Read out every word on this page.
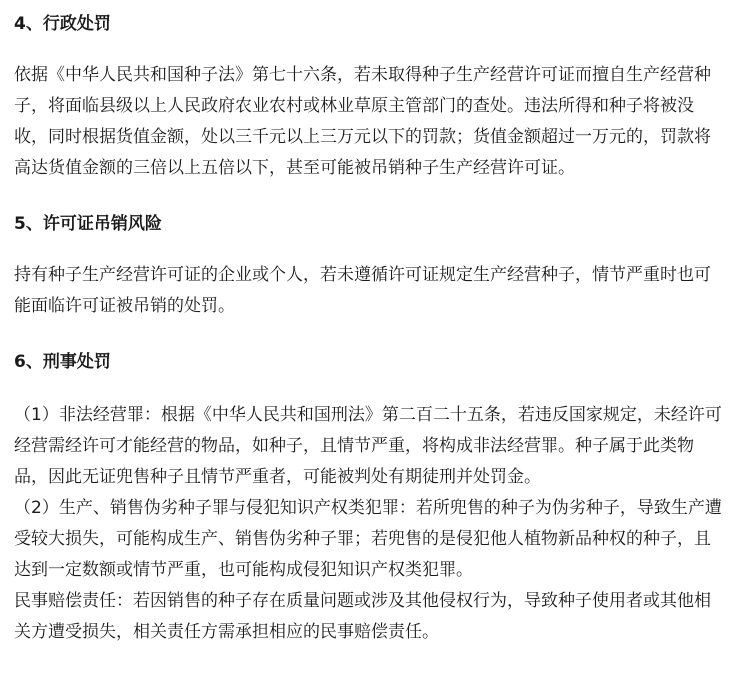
4、行政处罚

依据《中华人民共和国种子法》第七十六条，若未取得种子生产经营许可证而擅自生产经营种子，将面临县级以上人民政府农业农村或林业草原主管部门的查处。违法所得和种子将被没收，同时根据货值金额，处以三千元以上三万元以下的罚款；货值金额超过一万元的，罚款将高达货值金额的三倍以上五倍以下，甚至可能被吊销种子生产经营许可证。

5、许可证吊销风险

持有种子生产经营许可证的企业或个人，若未遵循许可证规定生产经营种子，情节严重时也可能面临许可证被吊销的处罚。

6、刑事处罚

（1）非法经营罪：根据《中华人民共和国刑法》第二百二十五条，若违反国家规定，未经许可经营需经许可才能经营的物品，如种子，且情节严重，将构成非法经营罪。种子属于此类物品，因此无证兜售种子且情节严重者，可能被判处有期徒刑并处罚金。
（2）生产、销售伪劣种子罪与侵犯知识产权类犯罪：若所兜售的种子为伪劣种子，导致生产遭受较大损失，可能构成生产、销售伪劣种子罪；若兜售的是侵犯他人植物新品种权的种子，且达到一定数额或情节严重，也可能构成侵犯知识产权类犯罪。
民事赔偿责任：若因销售的种子存在质量问题或涉及其他侵权行为，导致种子使用者或其他相关方遭受损失，相关责任方需承担相应的民事赔偿责任。
